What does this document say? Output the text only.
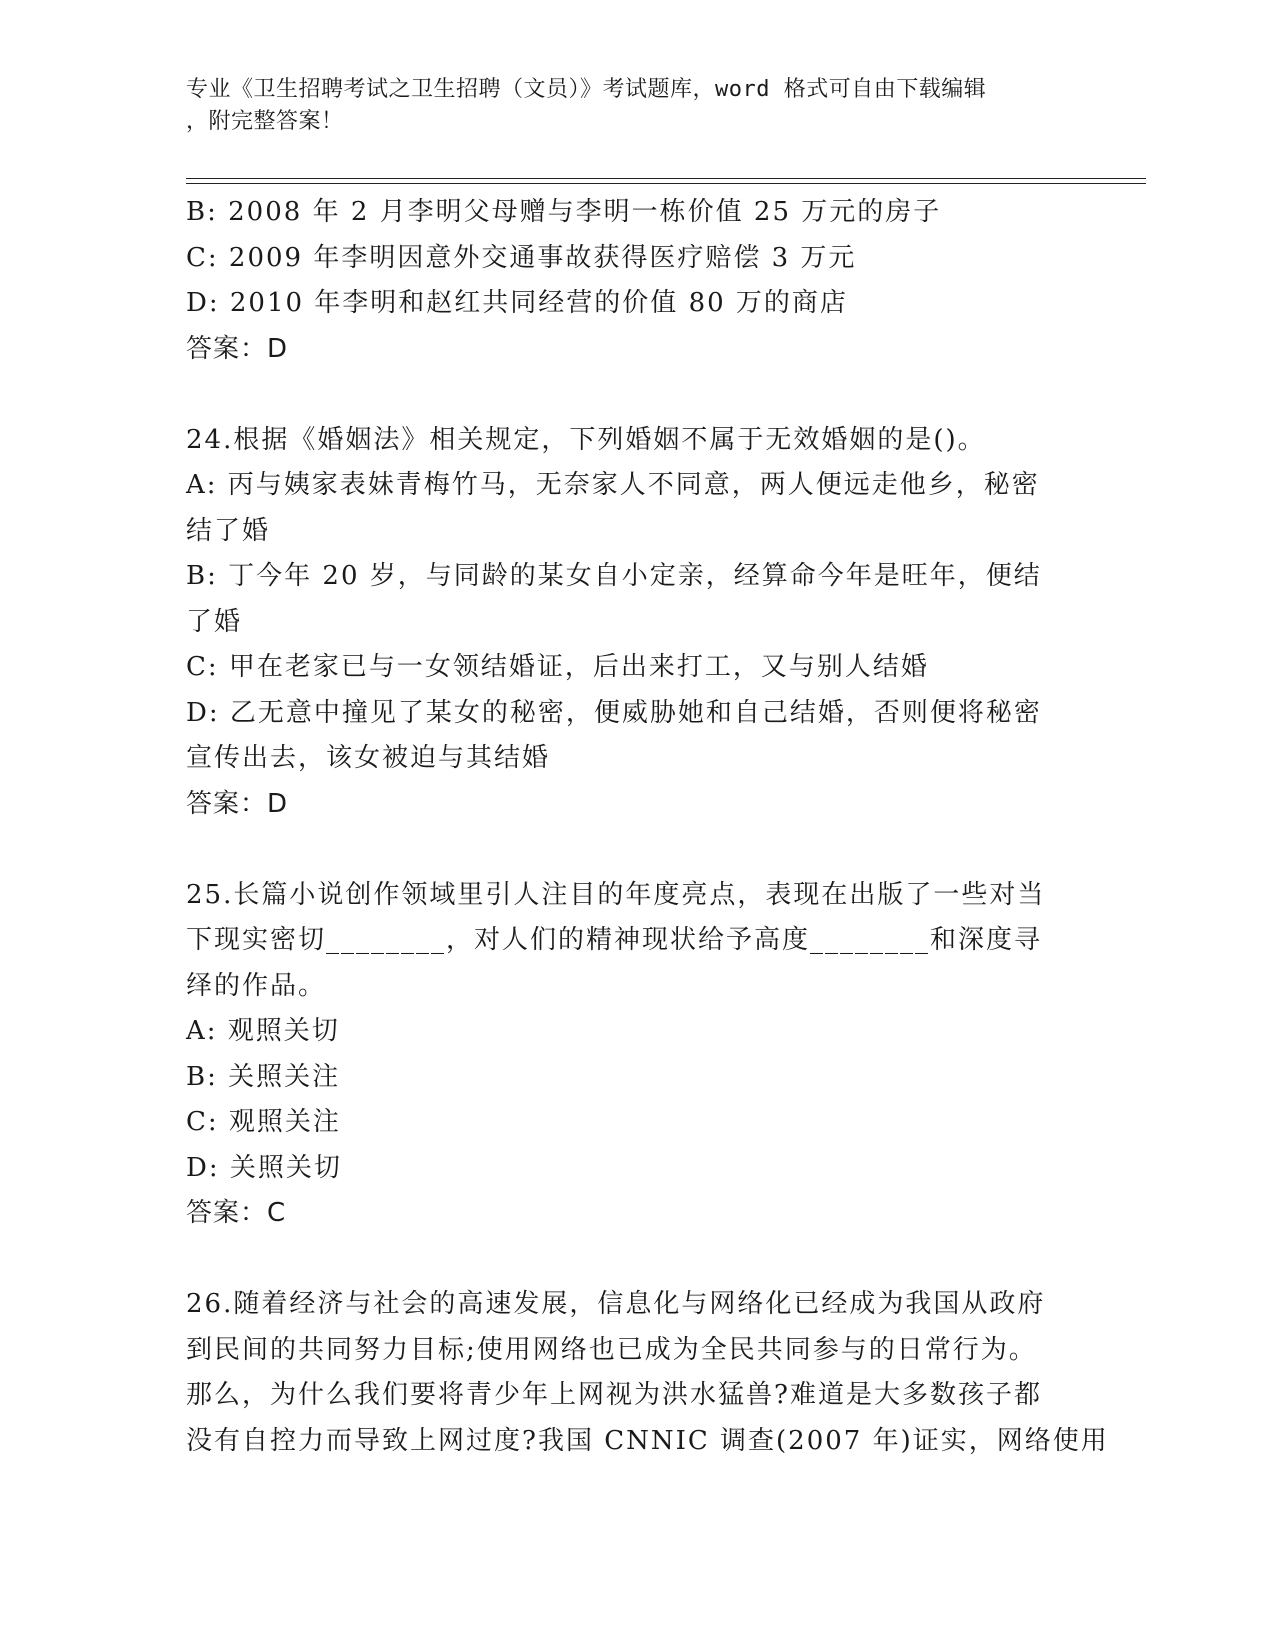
专业《卫生招聘考试之卫生招聘（文员）》考试题库，word 格式可自由下载编辑
，附完整答案！
B: 2008 年 2 月李明父母赠与李明一栋价值 25 万元的房子
C: 2009 年李明因意外交通事故获得医疗赔偿 3 万元
D: 2010 年李明和赵红共同经营的价值 80 万的商店
答案：D
24.根据《婚姻法》相关规定，下列婚姻不属于无效婚姻的是()。
A: 丙与姨家表妹青梅竹马，无奈家人不同意，两人便远走他乡，秘密
结了婚
B: 丁今年 20 岁，与同龄的某女自小定亲，经算命今年是旺年，便结
了婚
C: 甲在老家已与一女领结婚证，后出来打工，又与别人结婚
D: 乙无意中撞见了某女的秘密，便威胁她和自己结婚，否则便将秘密
宣传出去，该女被迫与其结婚
答案：D
25.长篇小说创作领域里引人注目的年度亮点，表现在出版了一些对当
下现实密切________，对人们的精神现状给予高度________和深度寻
绎的作品。
A: 观照关切
B: 关照关注
C: 观照关注
D: 关照关切
答案：C
26.随着经济与社会的高速发展，信息化与网络化已经成为我国从政府
到民间的共同努力目标;使用网络也已成为全民共同参与的日常行为。
那么，为什么我们要将青少年上网视为洪水猛兽?难道是大多数孩子都
没有自控力而导致上网过度?我国 CNNIC 调查(2007 年)证实，网络使用
